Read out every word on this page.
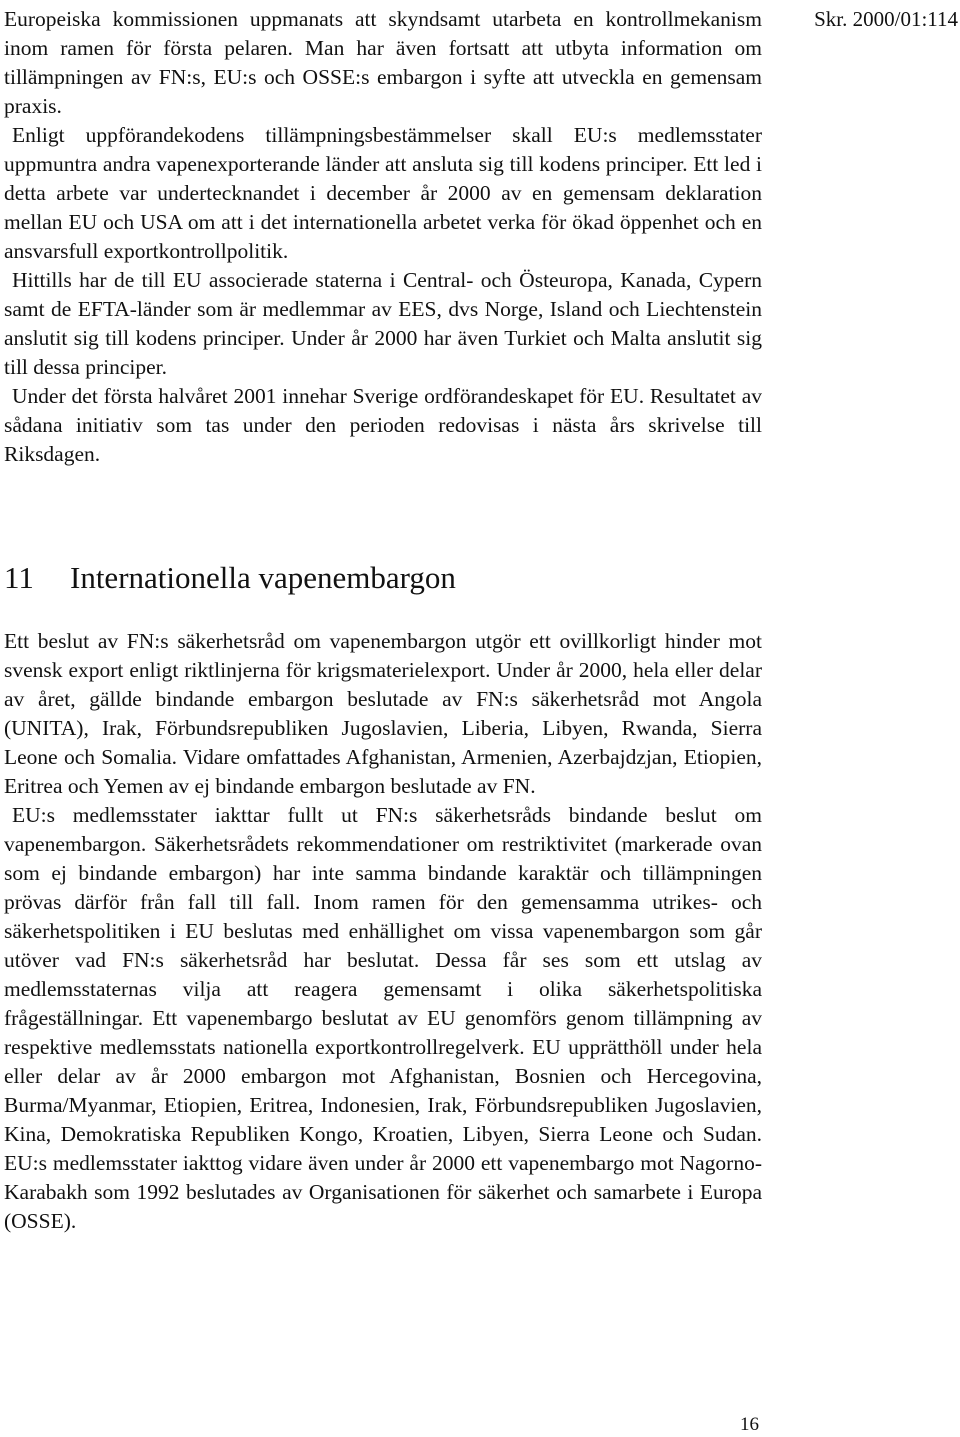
Skr. 2000/01:114

Europeiska kommissionen uppmanats att skyndsamt utarbeta en kontrollmekanism inom ramen för första pelaren. Man har även fortsatt att utbyta information om tillämpningen av FN:s, EU:s och OSSE:s embargon i syfte att utveckla en gemensam praxis.

Enligt uppförandekodens tillämpningsbestämmelser skall EU:s medlemsstater uppmuntra andra vapenexporterande länder att ansluta sig till kodens principer. Ett led i detta arbete var undertecknandet i december år 2000 av en gemensam deklaration mellan EU och USA om att i det internationella arbetet verka för ökad öppenhet och en ansvarsfull exportkontrollpolitik.

Hittills har de till EU associerade staterna i Central- och Östeuropa, Kanada, Cypern samt de EFTA-länder som är medlemmar av EES, dvs Norge, Island och Liechtenstein anslutit sig till kodens principer. Under år 2000 har även Turkiet och Malta anslutit sig till dessa principer.

Under det första halvåret 2001 innehar Sverige ordförandeskapet för EU. Resultatet av sådana initiativ som tas under den perioden redovisas i nästa års skrivelse till Riksdagen.

11 Internationella vapenembargon

Ett beslut av FN:s säkerhetsråd om vapenembargon utgör ett ovillkorligt hinder mot svensk export enligt riktlinjerna för krigsmaterielexport. Under år 2000, hela eller delar av året, gällde bindande embargon beslutade av FN:s säkerhetsråd mot Angola (UNITA), Irak, Förbundsrepubliken Jugoslavien, Liberia, Libyen, Rwanda, Sierra Leone och Somalia. Vidare omfattades Afghanistan, Armenien, Azerbajdzjan, Etiopien, Eritrea och Yemen av ej bindande embargon beslutade av FN.

EU:s medlemsstater iakttar fullt ut FN:s säkerhetsråds bindande beslut om vapenembargon. Säkerhetsrådets rekommendationer om restriktivitet (markerade ovan som ej bindande embargon) har inte samma bindande karaktär och tillämpningen prövas därför från fall till fall. Inom ramen för den gemensamma utrikes- och säkerhetspolitiken i EU beslutas med enhällighet om vissa vapenembargon som går utöver vad FN:s säkerhetsråd har beslutat. Dessa får ses som ett utslag av medlemsstaternas vilja att reagera gemensamt i olika säkerhetspolitiska frågeställningar. Ett vapenembargo beslutat av EU genomförs genom tillämpning av respektive medlemsstats nationella exportkontrollregelverk. EU upprätthöll under hela eller delar av år 2000 embargon mot Afghanistan, Bosnien och Hercegovina, Burma/Myanmar, Etiopien, Eritrea, Indonesien, Irak, Förbundsrepubliken Jugoslavien, Kina, Demokratiska Republiken Kongo, Kroatien, Libyen, Sierra Leone och Sudan. EU:s medlemsstater iakttog vidare även under år 2000 ett vapenembargo mot Nagorno-Karabakh som 1992 beslutades av Organisationen för säkerhet och samarbete i Europa (OSSE).

16
